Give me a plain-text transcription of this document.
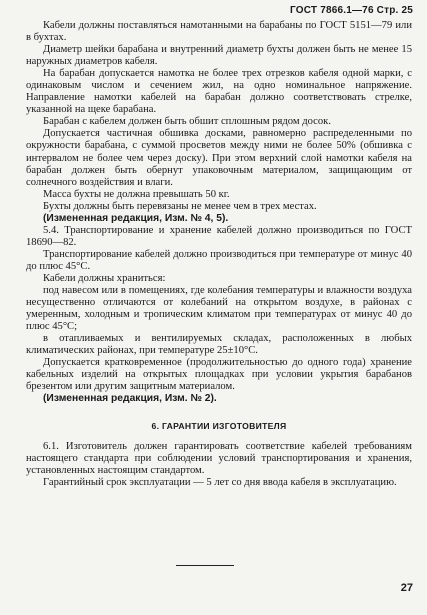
ГОСТ 7866.1—76 Стр. 25

Кабели должны поставляться намотанными на барабаны по ГОСТ 5151—79 или в бухтах.

Диаметр шейки барабана и внутренний диаметр бухты должен быть не менее 15 наружных диаметров кабеля.

На барабан допускается намотка не более трех отрезков кабеля одной марки, с одинаковым числом и сечением жил, на одно номинальное напряжение. Направление намотки кабелей на барабан должно соответствовать стрелке, указанной на щеке барабана.

Барабан с кабелем должен быть обшит сплошным рядом досок.

Допускается частичная обшивка досками, равномерно распределенными по окружности барабана, с суммой просветов между ними не более 50% (обшивка с интервалом не более чем через доску). При этом верхний слой намотки кабеля на барабан должен быть обернут упаковочным материалом, защищающим от солнечного воздействия и влаги.

Масса бухты не должна превышать 50 кг.

Бухты должны быть перевязаны не менее чем в трех местах.

(Измененная редакция, Изм. № 4, 5).

5.4. Транспортирование и хранение кабелей должно производиться по ГОСТ 18690—82.

Транспортирование кабелей должно производиться при температуре от минус 40 до плюс 45°С.

Кабели должны храниться:

под навесом или в помещениях, где колебания температуры и влажности воздуха несущественно отличаются от колебаний на открытом воздухе, в районах с умеренным, холодным и тропическим климатом при температурах от минус 40 до плюс 45°С;

в отапливаемых и вентилируемых складах, расположенных в любых климатических районах, при температуре 25±10°С.

Допускается кратковременное (продолжительностью до одного года) хранение кабельных изделий на открытых площадках при условии укрытия барабанов брезентом или другим защитным материалом.

(Измененная редакция, Изм. № 2).

6. ГАРАНТИИ ИЗГОТОВИТЕЛЯ

6.1. Изготовитель должен гарантировать соответствие кабелей требованиям настоящего стандарта при соблюдении условий транспортирования и хранения, установленных настоящим стандартом.

Гарантийный срок эксплуатации — 5 лет со дня ввода кабеля в эксплуатацию.

27
